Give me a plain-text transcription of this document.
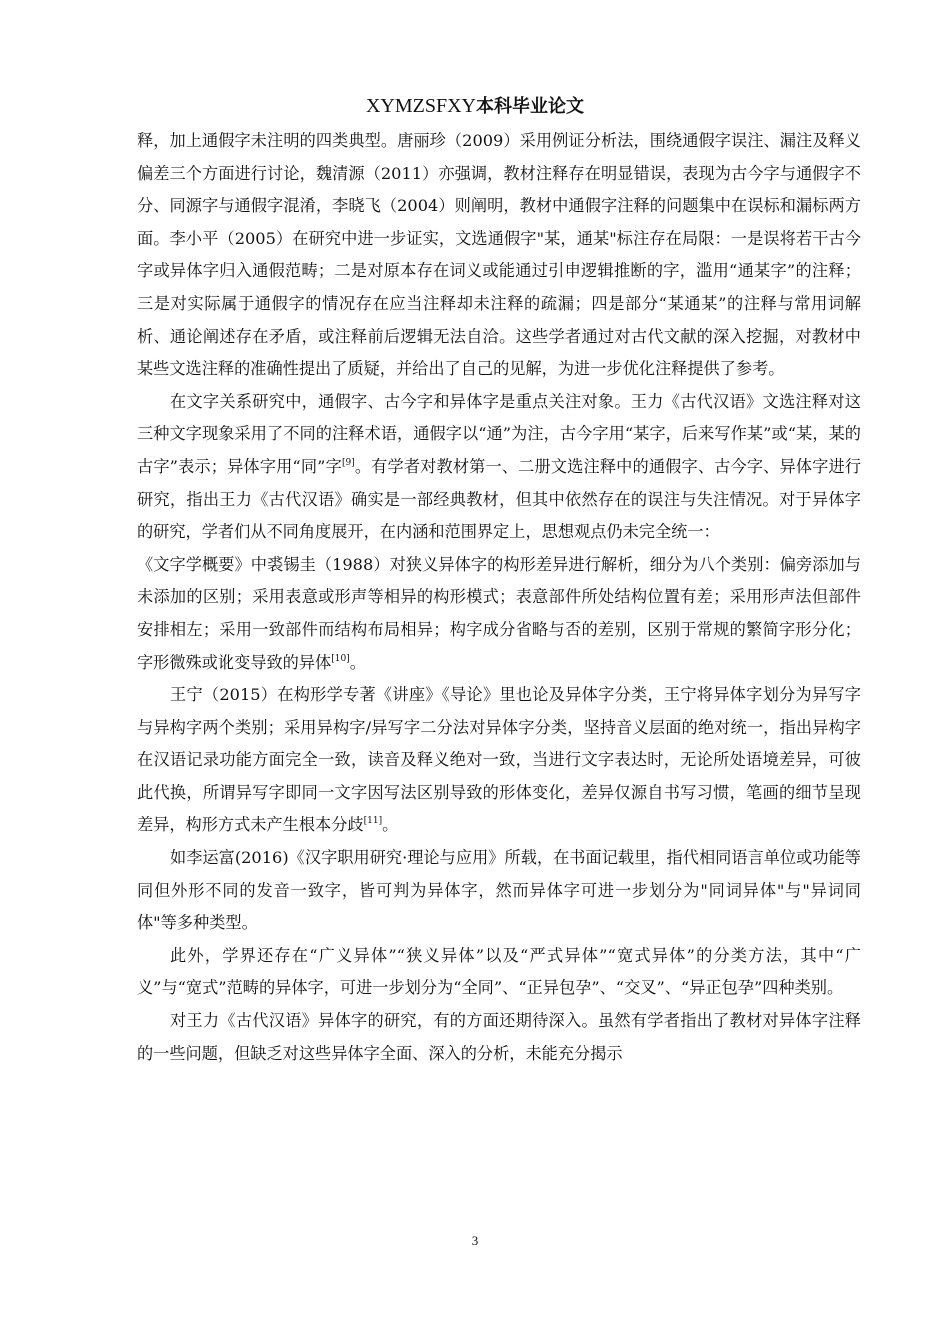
XYMZSFXY本科毕业论文

释，加上通假字未注明的四类典型。唐丽珍（2009）采用例证分析法，围绕通假字误注、漏注及释义偏差三个方面进行讨论，魏清源（2011）亦强调，教材注释存在明显错误，表现为古今字与通假字不分、同源字与通假字混淆，李晓飞（2004）则阐明，教材中通假字注释的问题集中在误标和漏标两方面。李小平（2005）在研究中进一步证实，文选通假字"某，通某"标注存在局限：一是误将若干古今字或异体字归入通假范畴；二是对原本存在词义或能通过引申逻辑推断的字，滥用“通某字”的注释；三是对实际属于通假字的情况存在应当注释却未注释的疏漏；四是部分“某通某”的注释与常用词解析、通论阐述存在矛盾，或注释前后逻辑无法自洽。这些学者通过对古代文献的深入挖掘，对教材中某些文选注释的准确性提出了质疑，并给出了自己的见解，为进一步优化注释提供了参考。

在文字关系研究中，通假字、古今字和异体字是重点关注对象。王力《古代汉语》文选注释对这三种文字现象采用了不同的注释术语，通假字以“通”为注，古今字用“某字，后来写作某”或“某，某的古字”表示；异体字用“同”字[9]。有学者对教材第一、二册文选注释中的通假字、古今字、异体字进行研究，指出王力《古代汉语》确实是一部经典教材，但其中依然存在的误注与失注情况。对于异体字的研究，学者们从不同角度展开，在内涵和范围界定上，思想观点仍未完全统一：

《文字学概要》中裘锡圭（1988）对狭义异体字的构形差异进行解析，细分为八个类别：偏旁添加与未添加的区别；采用表意或形声等相异的构形模式；表意部件所处结构位置有差；采用形声法但部件安排相左；采用一致部件而结构布局相异；构字成分省略与否的差别，区别于常规的繁简字形分化；字形微殊或讹变导致的异体[10]。

王宁（2015）在构形学专著《讲座》《导论》里也论及异体字分类，王宁将异体字划分为异写字与异构字两个类别；采用异构字/异写字二分法对异体字分类，坚持音义层面的绝对统一，指出异构字在汉语记录功能方面完全一致，读音及释义绝对一致，当进行文字表达时，无论所处语境差异，可彼此代换，所谓异写字即同一文字因写法区别导致的形体变化，差异仅源自书写习惯，笔画的细节呈现差异，构形方式未产生根本分歧[11]。

如李运富(2016)《汉字职用研究·理论与应用》所载，在书面记载里，指代相同语言单位或功能等同但外形不同的发音一致字，皆可判为异体字，然而异体字可进一步划分为"同词异体"与"异词同体"等多种类型。

此外，学界还存在“广义异体”“狭义异体”以及“严式异体”“宽式异体”的分类方法，其中“广义”与“宽式”范畴的异体字，可进一步划分为“全同”、“正异包孕”、“交叉”、“异正包孕”四种类别。

对王力《古代汉语》异体字的研究，有的方面还期待深入。虽然有学者指出了教材对异体字注释的一些问题，但缺乏对这些异体字全面、深入的分析，未能充分揭示

3
